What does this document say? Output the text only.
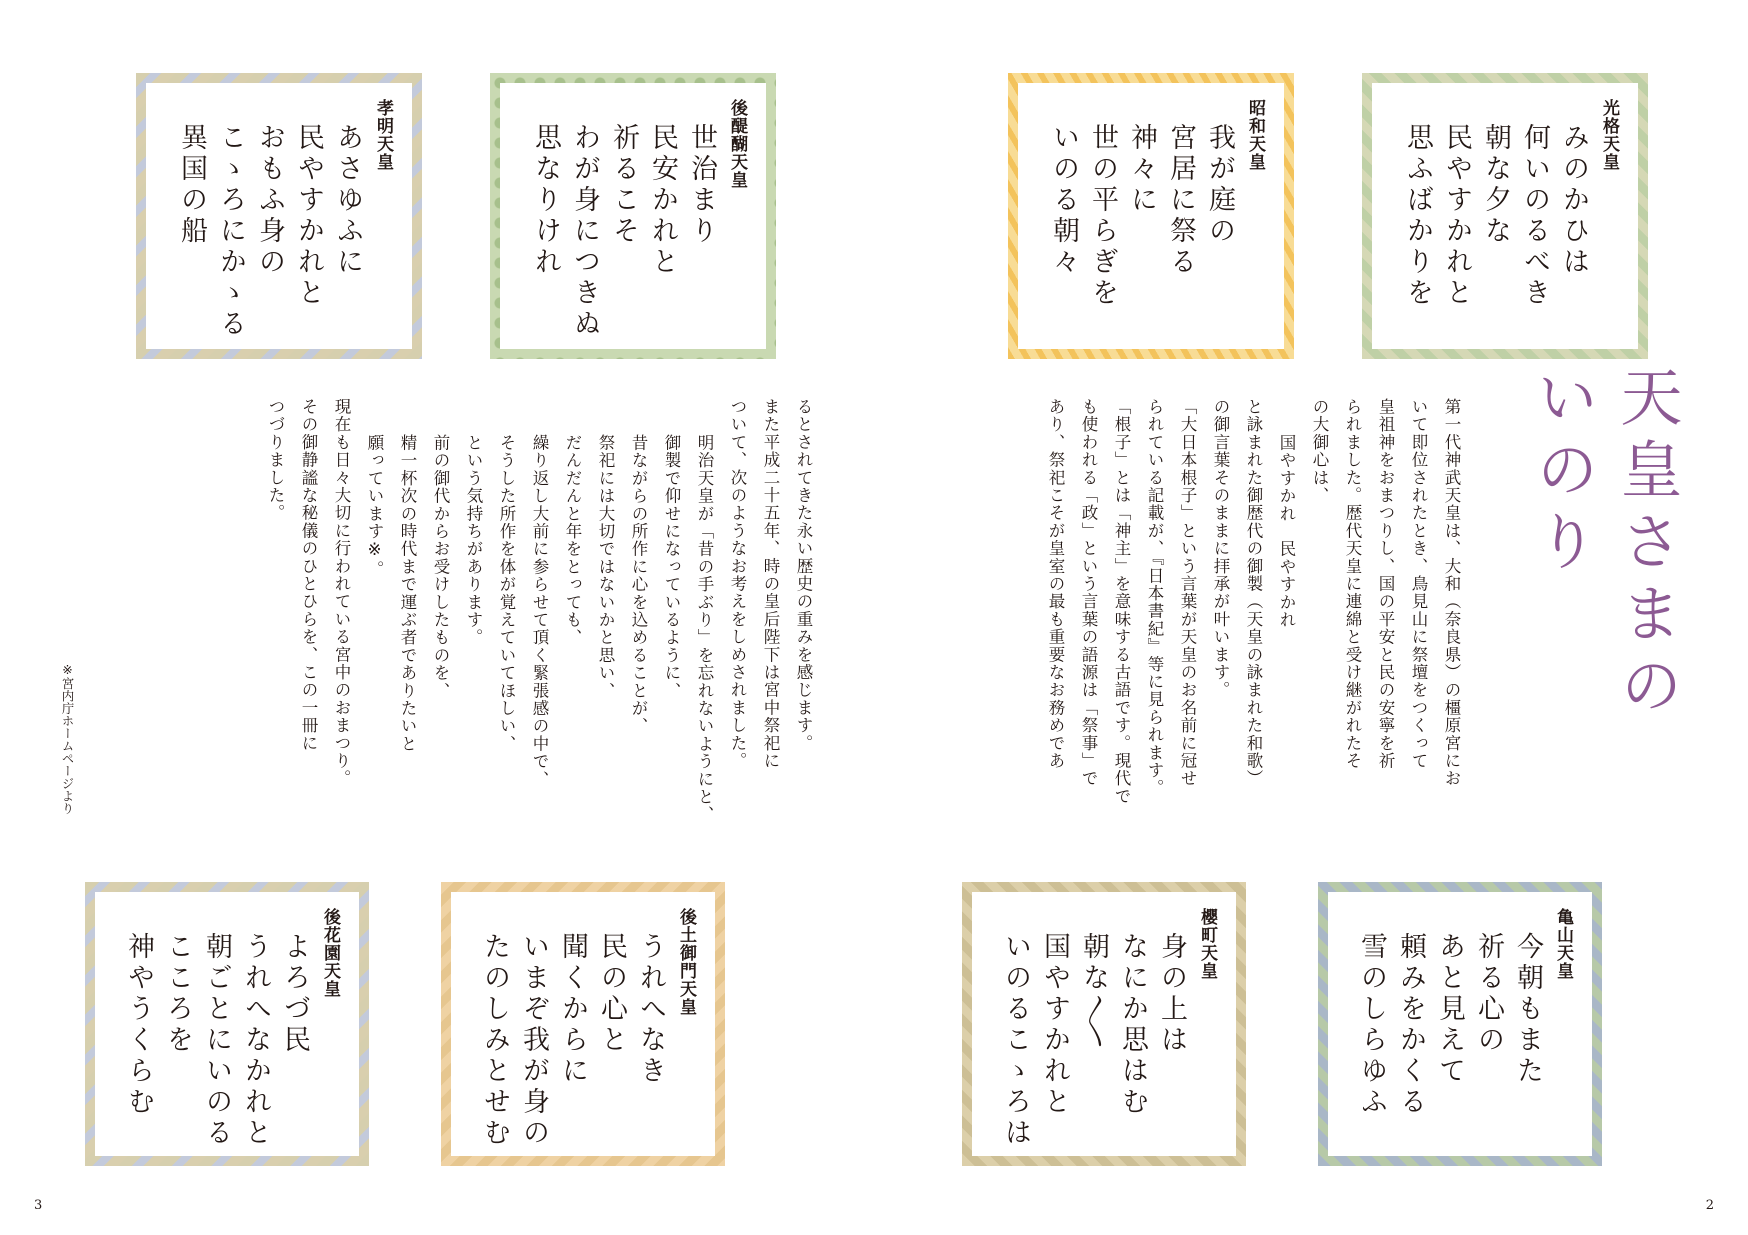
天皇さまの
いのり
光格天皇
みのかひは
何いのるべき
朝な夕な
民やすかれと
思ふばかりを
昭和天皇
我が庭の
宮居に祭る
神々に
世の平らぎを
いのる朝々
後醍醐天皇
世治まり
民安かれと
祈るこそ
わが身につきぬ
思なりけれ
孝明天皇
あさゆふに
民やすかれと
おもふ身の
こゝろにかゝる
異国の船

第一代神武天皇は、大和（奈良県）の橿原宮にお

いて即位されたとき、鳥見山に祭壇をつくって

皇祖神をおまつりし、国の平安と民の安寧を祈

られました。歴代天皇に連綿と受け継がれたそ

の大御心は、

国やすかれ　民やすかれ

と詠まれた御歴代の御製（天皇の詠まれた和歌）

の御言葉そのままに拝承が叶います。

「大日本根子」という言葉が天皇のお名前に冠せ

られている記載が、『日本書紀』等に見られます。

「根子」とは「神主」を意味する古語です。現代で

も使われる「政」という言葉の語源は「祭事」で

あり、祭祀こそが皇室の最も重要なお務めであ

るとされてきた永い歴史の重みを感じます。

また平成二十五年、時の皇后陛下は宮中祭祀に

ついて、次のようなお考えをしめされました。

明治天皇が「昔の手ぶり」を忘れないようにと、

御製で仰せになっているように、

昔ながらの所作に心を込めることが、

祭祀には大切ではないかと思い、

だんだんと年をとっても、

繰り返し大前に参らせて頂く緊張感の中で、

そうした所作を体が覚えていてほしい、

という気持ちがあります。

前の御代からお受けしたものを、

精一杯次の時代まで運ぶ者でありたいと

願っています※。

現在も日々大切に行われている宮中のおまつり。

その御静謐な秘儀のひとひらを、この一冊に

つづりました。

※宮内庁ホームページより
亀山天皇
今朝もまた
祈る心の
あと見えて
頼みをかくる
雪のしらゆふ
櫻町天皇
身の上は
なにか思はむ
朝な〳〵
国やすかれと
いのるこゝろは
後土御門天皇
うれへなき
民の心と
聞くからに
いまぞ我が身の
たのしみとせむ
後花園天皇
よろづ民
うれへなかれと
朝ごとにいのる
こころを
神やうくらむ
3	2
